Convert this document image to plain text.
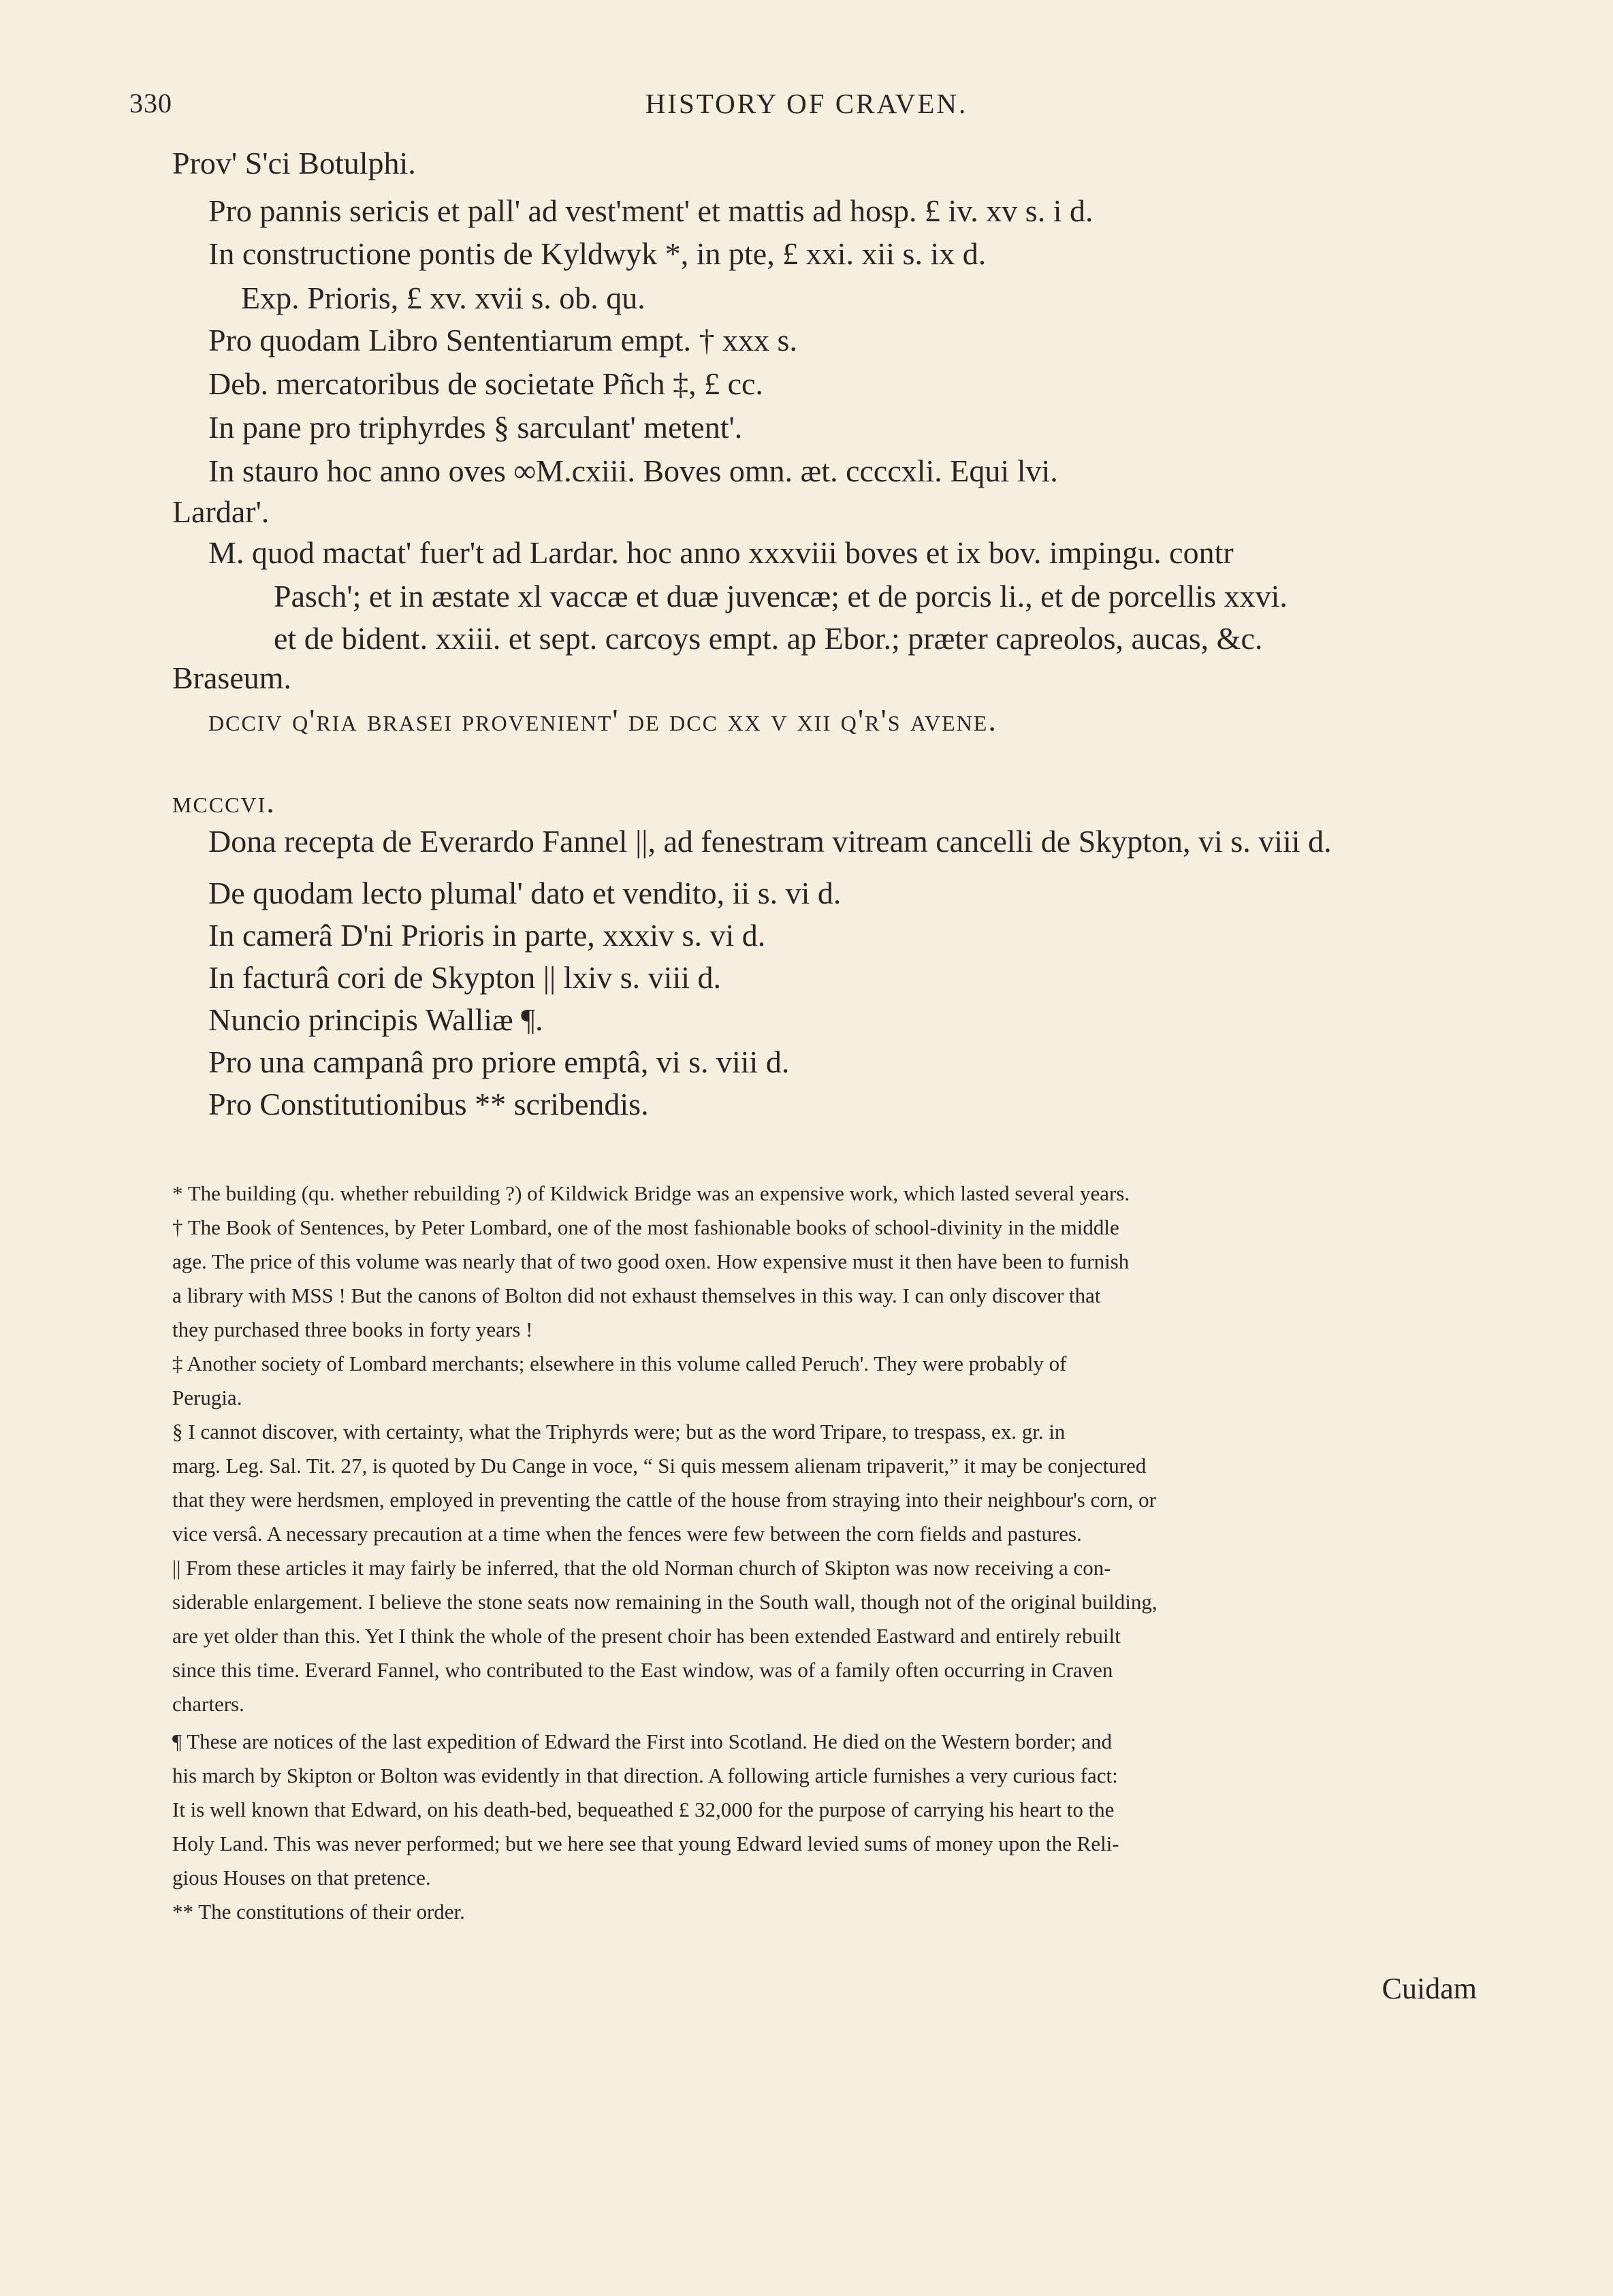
330	HISTORY OF CRAVEN.
Prov' S'ci Botulphi.
Pro pannis sericis et pall' ad vest'ment' et mattis ad hosp. £ iv. xv s. i d.
In constructione pontis de Kyldwyk *, in pte, £ xxi. xii s. ix d.
Exp. Prioris, £ xv. xvii s. ob. qu.
Pro quodam Libro Sententiarum empt. † xxx s.
Deb. mercatoribus de societate Pñch ‡, £ cc.
In pane pro triphyrdes § sarculant' metent'.
In stauro hoc anno oves ∞M.cxiii. Boves omn. æt. ccccxli. Equi lvi.
Lardar'.
M. quod mactat' fuer't ad Lardar. hoc anno xxxviii boves et ix bov. impingu. contr
Pasch'; et in æstate xl vaccæ et duæ juvencæ; et de porcis li., et de porcellis xxvi.
et de bident. xxiii. et sept. carcoys empt. ap Ebor.; præter capreolos, aucas, &c.
Braseum.
dcciv q'ria brasei provenient' de dcc xx v xii q'r's avene.
mcccvi.
Dona recepta de Everardo Fannel ||, ad fenestram vitream cancelli de Skypton, vi s. viii d.
De quodam lecto plumal' dato et vendito, ii s. vi d.
In camerâ D'ni Prioris in parte, xxxiv s. vi d.
In facturâ cori de Skypton || lxiv s. viii d.
Nuncio principis Walliæ ¶.
Pro una campanâ pro priore emptâ, vi s. viii d.
Pro Constitutionibus ** scribendis.
* The building (qu. whether rebuilding ?) of Kildwick Bridge was an expensive work, which lasted several years.
† The Book of Sentences, by Peter Lombard, one of the most fashionable books of school-divinity in the middle
age. The price of this volume was nearly that of two good oxen. How expensive must it then have been to furnish
a library with MSS ! But the canons of Bolton did not exhaust themselves in this way. I can only discover that
they purchased three books in forty years !
‡ Another society of Lombard merchants; elsewhere in this volume called Peruch'. They were probably of
Perugia.
§ I cannot discover, with certainty, what the Triphyrds were; but as the word Tripare, to trespass, ex. gr. in
marg. Leg. Sal. Tit. 27, is quoted by Du Cange in voce, “ Si quis messem alienam tripaverit,” it may be conjectured
that they were herdsmen, employed in preventing the cattle of the house from straying into their neighbour's corn, or
vice versâ. A necessary precaution at a time when the fences were few between the corn fields and pastures.
|| From these articles it may fairly be inferred, that the old Norman church of Skipton was now receiving a con-
siderable enlargement. I believe the stone seats now remaining in the South wall, though not of the original building,
are yet older than this. Yet I think the whole of the present choir has been extended Eastward and entirely rebuilt
since this time. Everard Fannel, who contributed to the East window, was of a family often occurring in Craven
charters.
¶ These are notices of the last expedition of Edward the First into Scotland. He died on the Western border; and
his march by Skipton or Bolton was evidently in that direction. A following article furnishes a very curious fact:
It is well known that Edward, on his death-bed, bequeathed £ 32,000 for the purpose of carrying his heart to the
Holy Land. This was never performed; but we here see that young Edward levied sums of money upon the Reli-
gious Houses on that pretence.
** The constitutions of their order.
Cuidam
